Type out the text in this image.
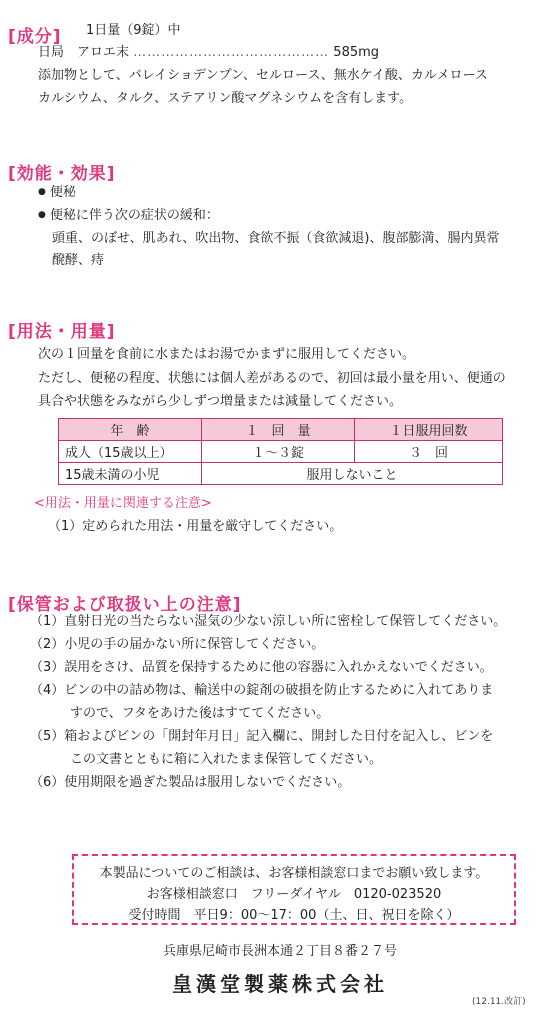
[成分] 1日量（9錠）中
日局　アロエ末 …………………………………… 585mg
添加物として、バレイショデンプン、セルロース、無水ケイ酸、カルメロース
カルシウム、タルク、ステアリン酸マグネシウムを含有します。
[効能・効果]
● 便秘
● 便秘に伴う次の症状の緩和：
頭重、のぼせ、肌あれ、吹出物、食欲不振（食欲減退)、腹部膨満、腸内異常
醗酵、痔
[用法・用量]
次の１回量を食前に水またはお湯でかまずに服用してください。
ただし、便秘の程度、状態には個人差があるので、初回は最小量を用い、便通の
具合や状態をみながら少しずつ増量または減量してください。
年　齢	１　回　量	１日服用回数
成人（15歳以上）	１～３錠	３　回
15歳未満の小児	服用しないこと	
<用法・用量に関連する注意>
（1）定められた用法・用量を厳守してください。
[保管および取扱い上の注意]
（1）直射日光の当たらない湿気の少ない涼しい所に密栓して保管してください。
（2）小児の手の届かない所に保管してください。
（3）誤用をさけ、品質を保持するために他の容器に入れかえないでください。
（4）ビンの中の詰め物は、輸送中の錠剤の破損を防止するために入れてありま
すので、フタをあけた後はすててください。
（5）箱およびビンの「開封年月日」記入欄に、開封した日付を記入し、ビンを
この文書とともに箱に入れたまま保管してください。
（6）使用期限を過ぎた製品は服用しないでください。
本製品についてのご相談は、お客様相談窓口までお願い致します。
お客様相談窓口　フリーダイヤル　0120-023520
受付時間　平日9：00～17：00（土、日、祝日を除く）
兵庫県尼崎市長洲本通２丁目８番２７号
皇漢堂製薬株式会社
(12.11.改訂)
